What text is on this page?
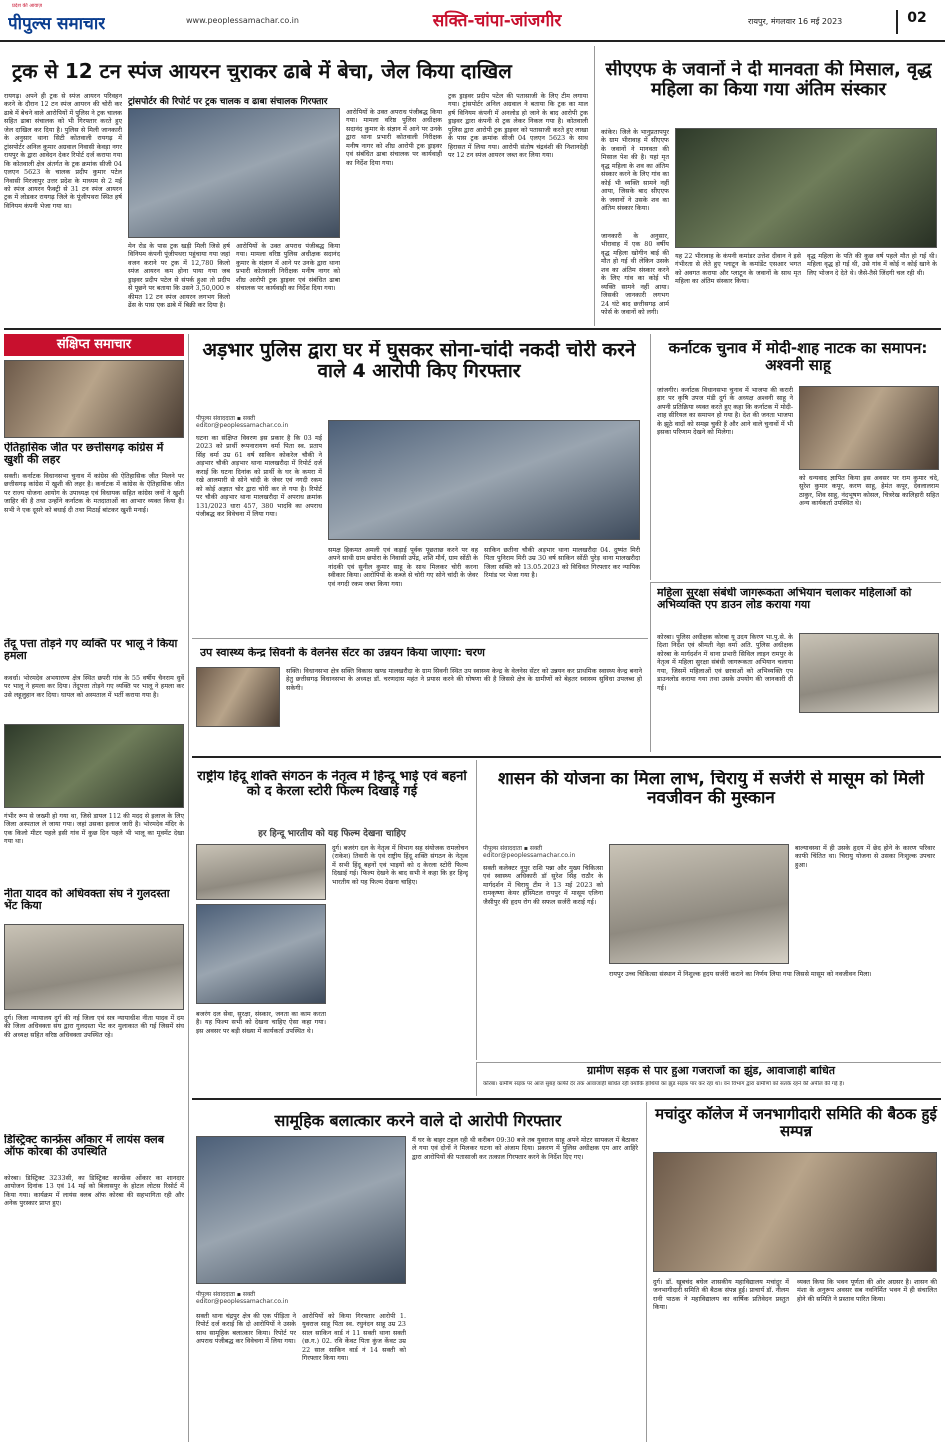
प्रदेश की आवाज़
पीपुल्स समाचार	www.peoplessamachar.co.in	सक्ति-चांपा-जांजगीर	रायपुर, मंगलवार 16 मई 2023	02
ट्रक से 12 टन स्पंज आयरन चुराकर ढाबे में बेचा, जेल किया दाखिल
रायगढ़। अपने ही ट्रक से स्पंज आयरन परिवहन करने के दौरान 12 टन स्पंज आयरन की चोरी कर ढाबे में बेचने वाले आरोपियों में पुलिस ने ट्रक चालक सहित ढाबा संचालक को भी गिरफ्तार करते हुए जेल दाखिल कर दिया है। पुलिस से मिली जानकारी के अनुसार थाना सिटी कोतवाली रायगढ़ में ट्रांसपोर्टर अनिल कुमार अग्रवाल निवासी केवड़ा नगर रायपुर के द्वारा आवेदन देकर रिपोर्ट दर्ज कराया गया कि कोतवाली क्षेत्र अंतर्गत के ट्रक क्रमांक सीजी 04 एलएन 5623 के चालक प्रदीप कुमार पटेल निवासी मिरजापुर उत्तर प्रदेश के माध्यम से 2 मई को स्पंज आयरन फैक्ट्री से 31 टन स्पंज आयरन ट्रक में लोडकर रायगढ़ जिले के पूंजीपथरा स्थित हर्ष विनियम कंपनी भेजा गया था।
ट्रांसपोर्टर की रिपोर्ट पर ट्रक चालक व ढाबा संचालक गिरफ्तार
मेन रोड के पास ट्रक खड़ी मिली जिसे हर्ष विनियम कंपनी पूंजीपथरा पहुंचाया गया जहां वजन कराने पर ट्रक में 12,780 किलो स्पंज आयरन कम होना पाया गया जब ड्राइवर प्रदीप पटेल से संपर्क हुआ तो प्रदीप से पूछने पर बताया कि उसने 3,50,000 रु कीमत 12 टन स्पंज आयरन लगभग किलो ढेंस के पास एक ढाबे में बिक्री कर दिया है।
आरोपियों के उक्त अपराध पंजीबद्ध किया गया। मामला वरिष्ठ पुलिस अधीक्षक सदानंद कुमार के संज्ञान में आने पर उनके द्वारा थाना प्रभारी कोतवाली निरीक्षक मनीष नागर को शीघ्र आरोपी ट्रक ड्राइवर एवं संबंधित ढाबा संचालक पर कार्यवाही का निर्देश दिया गया।
ट्रक ड्राइवर प्रदीप पटेल की पतासाजी के लिए टीम लगाया गया। ट्रांसपोर्टर अनिल अग्रवाल ने बताया कि ट्रक का माल हर्ष विनियम कंपनी में अनलोड हो जाने के बाद आरोपी ट्रक ड्राइवर द्वारा कंपनी से ट्रक लेकर निकल गया है। कोतवाली पुलिस द्वारा आरोपी ट्रक ड्राइवर को पतासाजी करते हुए लाखा के पास ट्रक क्रमांक सीजी 04 एलएन 5623 के साथ हिरासत में लिया गया। आरोपी संतोष चंद्रवंशी की निशानदेही पर 12 टन स्पंज आयरन जब्त कर लिया गया।
आरोपियों के उक्त अपराध पंजीबद्ध किया गया। मामला वरिष्ठ पुलिस अधीक्षक सदानंद कुमार के संज्ञान में आने पर उनके द्वारा थाना प्रभारी कोतवाली निरीक्षक मनीष नागर को शीघ्र आरोपी ट्रक ड्राइवर एवं संबंधित ढाबा संचालक पर कार्यवाही का निर्देश दिया गया।
सीएएफ के जवानों ने दी मानवता की मिसाल, वृद्ध महिला का किया गया अंतिम संस्कार
कांकेर। जिले के भानुप्रतापपुर के ग्राम भीरावाह में सीएएफ के जवानों ने मानवता की मिसाल पेश की है। यहां मृत वृद्ध महिला के शव का अंतिम संस्कार करने के लिए गांव का कोई भी व्यक्ति सामने नहीं आया, जिसके बाद सीएएफ के जवानों ने उसके शव का अंतिम संस्कार किया।
जानकारी के अनुसार, भीरावाह में एक 80 वर्षीय वृद्ध महिला खोगीन बाई की मौत हो गई थी लेकिन उसके शव का अंतिम संस्कार करने के लिए गांव का कोई भी व्यक्ति सामने नहीं आया। जिसकी जानकारी लगभग 24 घंटे बाद छत्तीसगढ़ आर्म फोर्स के जवानों को लगी।
यह 22 भीरावाह के कंपनी कमांडर उत्तेश दीवान ने इसे गंभीरता से लेते हुए प्लाटून के कमांडेंट एसआर भगत को अवगत कराया और प्लाटून के जवानों के साथ मृत महिला का अंतिम संस्कार किया।
वृद्ध महिला के पति की कुछ वर्ष पहले मौत हो गई थी। महिला वृद्ध हो गई थी, उसे गांव में कोई न कोई खाने के लिए भोजन दे देते थे। जैसे-तैसे जिंदगी चल रही थी।
संक्षिप्त समाचार
ऐतिहासिक जीत पर छत्तीसगढ़ कांग्रेस में खुशी की लहर
सक्ती। कर्नाटक विधानसभा चुनाव में कांग्रेस की ऐतिहासिक जीत मिलने पर छत्तीसगढ़ कांग्रेस में खुशी की लहर है। कर्नाटक में कांग्रेस के ऐतिहासिक जीत पर राज्य योजना आयोग के उपाध्यक्ष एवं विधायक सहित कांग्रेस जनों ने खुशी जाहिर की है तथा उन्होंने कर्नाटक के मतदाताओं का आभार व्यक्त किया है। सभी ने एक दूसरे को बधाई दी तथा मिठाई बांटकर खुशी मनाई।
तेंदू पत्ता तोड़ने गए व्यक्ति पर भालू ने किया हमला
कवर्धा। भोरमदेव अभयारण्य क्षेत्र स्थित छपरी गांव के 55 वर्षीय चैनराम धुर्वे पर भालू ने हमला कर दिया। तेंदूपत्ता तोड़ने गए व्यक्ति पर भालू ने हमला कर उसे लहूलुहान कर दिया। घायल को अस्पताल में भर्ती कराया गया है।
गंभीर रूप से जख्मी हो गया था, जिसे डायल 112 की मदद से इलाज के लिए जिला अस्पताल ले जाया गया। जहां उसका इलाज जारी है। भोरमदेव मंदिर के एक किलो मीटर पहले इसी गांव में कुछ दिन पहले भी भालू का मूवमेंट देखा गया था।
नीता यादव को अधिवक्ता संघ ने गुलदस्ता भेंट किया
दुर्ग। जिला न्यायालय दुर्ग की नई जिला एवं सत्र न्यायाधीश नीता यादव में दम की जिला अधिवक्ता संघ द्वारा गुलदस्ता भेंट कर मुलाकात की गई जिसमें संघ की अध्यक्ष सहित वरिष्ठ अधिवक्ता उपस्थित रहे।
डिस्ट्रिक्ट कान्फ्रेंस ओंकार में लायंस क्लब ऑफ कोरबा की उपस्थिति
कोरबा। डिस्ट्रिक्ट 3233सी, का डिस्ट्रिक्ट कान्फ्रेंस ओंकार का शानदार आयोजन दिनांक 13 एवं 14 मई को बिलासपुर के होटल लोटस रिसोर्ट में किया गया। कार्यक्रम में लायंस क्लब ऑफ कोरबा की सहभागिता रही और अनेक पुरस्कार प्राप्त हुए।
अड़भार पुलिस द्वारा घर में घुसकर सोना-चांदी नकदी चोरी करने वाले 4 आरोपी किए गिरफ्तार
पीपुल्स संवाददाता ▪ सक्ती
editor@peoplessamachar.co.in
घटना का संक्षिप्त विवरण इस प्रकार है कि 03 मई 2023 को प्रार्थी रूपनारायण वर्मा पिता स्व. प्रताप सिंह वर्मा उम्र 61 वर्ष साकिन कोकरेल चौकी ने अड़भार चौकी अड़भार थाना मालखरौदा में रिपोर्ट दर्ज कराई कि घटना दिनांक को प्रार्थी के घर के कमरा में रखे आलमारी से सोने चांदी के जेवर एवं नगदी रकम को कोई अज्ञात चोर द्वारा चोरी कर ले गया है। रिपोर्ट पर चौकी अड़भार थाना मालखरौदा में अपराध क्रमांक 131/2023 धारा 457, 380 भादवि का अपराध पंजीबद्ध कर विवेचना में लिया गया।
समक्ष हिकमत अमली एवं कड़ाई पूर्वक पूछताछ करने पर वह अपने साथी ग्राम छपोरा के निवासी उपेंद्र, शशि मौर्य, ग्राम सोंठी के नांदकी एवं सुनील कुमार साहू के साथ मिलकर चोरी करना स्वीकार किया। आरोपियों के कब्जे से चोरी गए सोने चांदी के जेवर एवं नगदी रकम जब्त किया गया।
साकिन छतीना चौकी अड़भार थाना मालखरौदा 04. दुष्यंत मिरी पिता पुनिराम मिरी उम्र 30 वर्ष साकिन सोंठी पुरेड़ थाना मालखरौदा जिला सक्ति को 13.05.2023 को विधिवत गिरफ्तार कर न्यायिक रिमांड पर भेजा गया है।
कर्नाटक चुनाव में मोदी-शाह नाटक का समापन: अश्वनी साहू
जांजगीर। कर्नाटक विधानसभा चुनाव में भाजपा की करारी हार पर कृषि उपज मंडी दुर्ग के अध्यक्ष अश्वनी साहू ने अपनी प्रतिक्रिया व्यक्त करते हुए कहा कि कर्नाटक में मोदी-शाह सीरियल का समापन हो गया है। देश की जनता भाजपा के झूठे वादों को समझ चुकी है और आने वाले चुनावों में भी इसका परिणाम देखने को मिलेगा।
को धन्यवाद ज्ञापित किया इस अवसर पर राम कुमार चंदे, सुरेश कुमार कपूर, करण साहू, हेमंत कपूर, देवलालराम ठाकुर, शिव साहू, नंदभूषण कोसल, चित्ररेख कालिहारी सहित अन्य कार्यकर्ता उपस्थित थे।
महिला सुरक्षा संबंधी जागरूकता अभियान चलाकर महिलाओं को अभिव्यक्ति एप डाउन लोड कराया गया
कोरबा। पुलिस अधीक्षक कोरबा यू उदय किरण भा.पु.से. के दिशा निर्देश एवं श्रीमती नेहा वर्मा अति. पुलिस अधीक्षक कोरबा के मार्गदर्शन में थाना प्रभारी सिविल लाइन रामपुर के नेतृत्व में महिला सुरक्षा संबंधी जागरूकता अभियान चलाया गया, जिसमें महिलाओं एवं छात्राओं को अभिव्यक्ति एप डाउनलोड कराया गया तथा उसके उपयोग की जानकारी दी गई।
उप स्वास्थ्य केन्द्र सिवनी के वेलनेस सेंटर का उन्नयन किया जाएगा: चरण
सक्ति। विधानसभा क्षेत्र सक्ति विकास खण्ड मालखरौदा के ग्राम सिवनी स्थित उप स्वास्थ्य केन्द्र के वेलनेस सेंटर को उन्नयन कर प्राथमिक स्वास्थ्य केन्द्र बनाने हेतु छत्तीसगढ़ विधानसभा के अध्यक्ष डॉ. चरणदास महंत ने प्रयास करने की घोषणा की है जिससे क्षेत्र के ग्रामीणों को बेहतर स्वास्थ्य सुविधा उपलब्ध हो सकेगी।
राष्ट्रीय हिंदू शक्ति संगठन के नेतृत्व में हिन्दू भाई एवं बहनों को द केरला स्टोरी फिल्म दिखाई गई
हर हिन्दू भारतीय को यह फिल्म देखना चाहिए
दुर्ग। बजरंग दल के नेतृत्व में विभाग सह संयोजक रामलोचन (राकेश) तिवारी के एवं राष्ट्रीय हिंदू शक्ति संगठन के नेतृत्व में सभी हिंदू बहनों एवं भाइयों को द केरला स्टोरी फिल्म दिखाई गई। फिल्म देखने के बाद सभी ने कहा कि हर हिन्दू भारतीय को यह फिल्म देखना चाहिए।
बजरंग दल सेवा, सुरक्षा, संस्कार, जनता का काम करता है। यह फिल्म सभी को देखना चाहिए ऐसा कहा गया। इस अवसर पर बड़ी संख्या में कार्यकर्ता उपस्थित थे।
शासन की योजना का मिला लाभ, चिरायु में सर्जरी से मासूम को मिली नवजीवन की मुस्कान
पीपुल्स संवाददाता ▪ सक्ती
editor@peoplessamachar.co.in
सक्ती कलेक्टर नूपुर राशि पन्ना और मुख्य चिकित्सा एवं स्वास्थ्य अधिकारी डॉ सुरेश सिंह राठौर के मार्गदर्शन में चिरायु टीम ने 13 मई 2023 को रामकृष्णा केयर हॉस्पिटल रायपुर में मासूम एलिना जैसीपुर की हृदय रोग की सफल सर्जरी कराई गई।
बाल्यावस्था में ही उसके हृदय में छेद होने के कारण परिवार काफी चिंतित था। चिरायु योजना से उसका निःशुल्क उपचार हुआ।
रायपुर उच्च चिकित्सा संस्थान में निशुल्क हृदय सर्जरी कराने का निर्णय लिया गया जिससे मासूम को नवजीवन मिला।
ग्रामीण सड़क से पार हुआ गजराजों का झुंड, आवाजाही बाधित
कोरबा। ग्रामीण सड़क पर आज सुबह काफी देर तक आवाजाही बाधित रही क्योंकि हाथियों का झुंड सड़क पार कर रहा था। वन विभाग द्वारा ग्रामीणों को सतर्क रहने की अपील की गई है।
सामूहिक बलात्कार करने वाले दो आरोपी गिरफ्तार
पीपुल्स संवाददाता ▪ सक्ती
editor@peoplessamachar.co.in
सक्ती थाना चंद्रपुर क्षेत्र की एक पीड़िता ने रिपोर्ट दर्ज कराई कि दो आरोपियों ने उसके साथ सामूहिक बलात्कार किया। रिपोर्ट पर अपराध पंजीबद्ध कर विवेचना में लिया गया।
आरोपियों को किया गिरफ्तार आरोपी 1. युवराज साहू पिता स्व. रघुनंदन साहू उम्र 23 साल साकिन वार्ड नं 11 सक्ती थाना सक्ती (छ.ग.) 02. रवि केंवट पिता कुंज केंवट उम्र 22 साल साकिन वार्ड नं 14 सक्ती को गिरफ्तार किया गया।
मैं घर के बाहर टहल रही थी करीबन 09:30 बजे तब युवराज साहू अपने मोटर सायकल में बैठाकर ले गया एवं दोनों ने मिलकर घटना को अंजाम दिया। प्रकरण में पुलिस अधीक्षक एम आर आहिरे द्वारा आरोपियों की पतासाजी कर तत्काल गिरफ्तार करने के निर्देश दिए गए।
मचांदुर कॉलेज में जनभागीदारी समिति की बैठक हुई सम्पन्न
दुर्ग। डाॅ. खूबचंद बघेल शासकीय महाविद्यालय मचांदुर में जनभागीदारी समिति की बैठक संपन्न हुई। प्राचार्य डॉ. नीलम रानी पाठक ने महाविद्यालय का वार्षिक प्रतिवेदन प्रस्तुत किया।
व्यक्त किया कि भवन पूर्णता की ओर अग्रसर है। शासन की मंशा के अनुरूप अवसर सब नवनिर्मित भवन में ही संचालित होने की समिति ने प्रस्ताव पारित किया।
